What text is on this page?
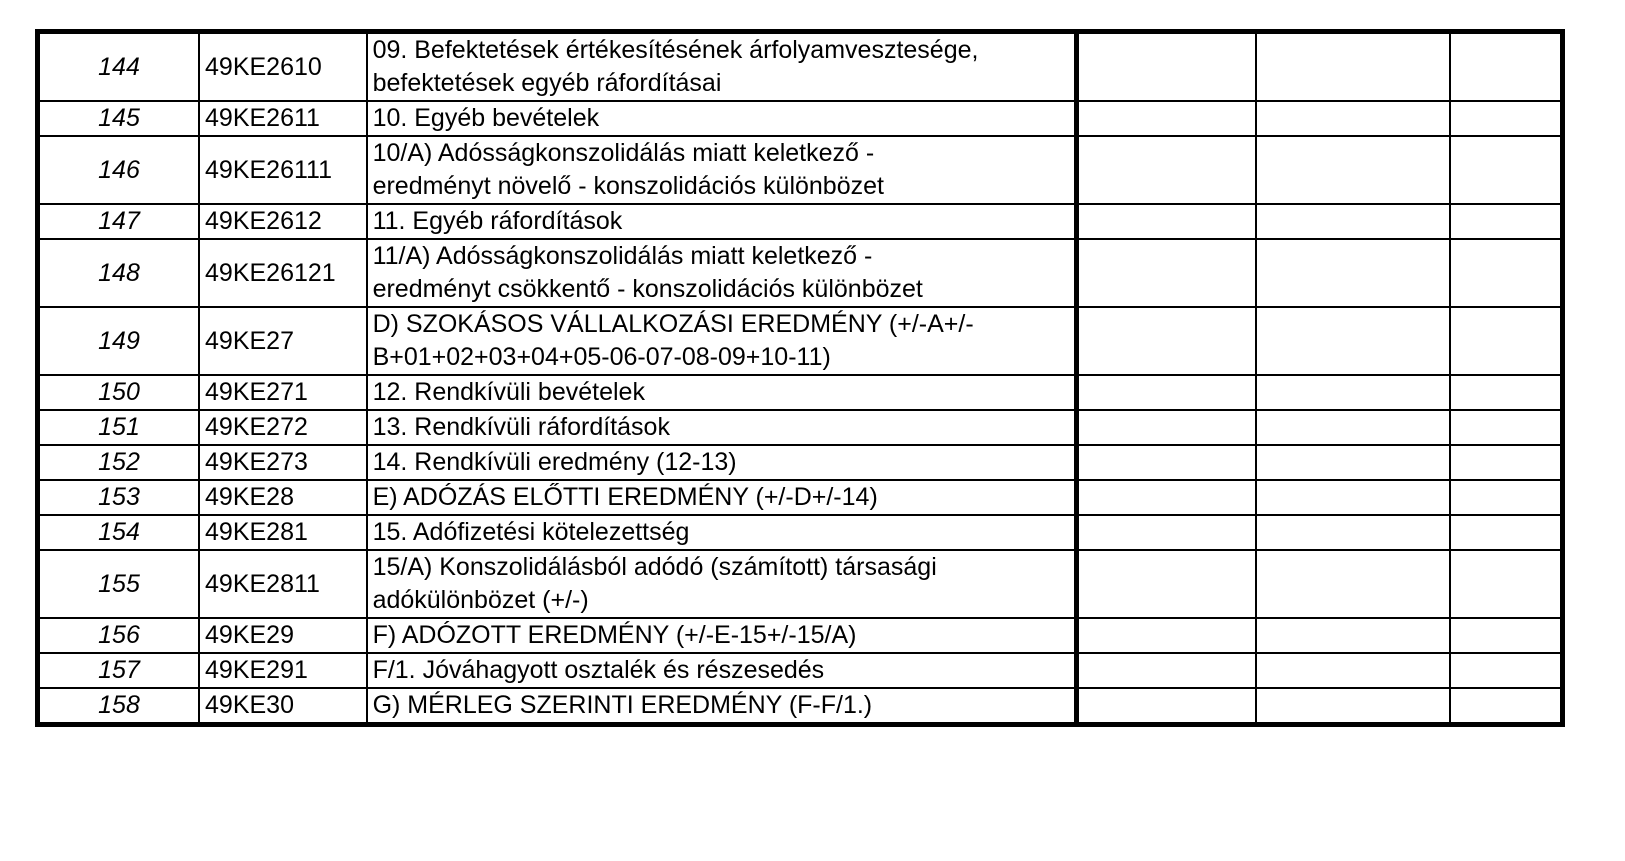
144	49KE2610	09. Befektetések értékesítésének árfolyamvesztesége,
befektetések egyéb ráfordításai			

145	49KE2611	10. Egyéb bevételek			

146	49KE26111	10/A) Adósságkonszolidálás miatt keletkező -
eredményt növelő - konszolidációs különbözet			

147	49KE2612	11. Egyéb ráfordítások			

148	49KE26121	11/A) Adósságkonszolidálás miatt keletkező -
eredményt csökkentő - konszolidációs különbözet			

149	49KE27	D) SZOKÁSOS VÁLLALKOZÁSI EREDMÉNY (+/-A+/-
B+01+02+03+04+05-06-07-08-09+10-11)			

150	49KE271	12. Rendkívüli bevételek			

151	49KE272	13. Rendkívüli ráfordítások			

152	49KE273	14. Rendkívüli eredmény (12-13)			

153	49KE28	E) ADÓZÁS ELŐTTI EREDMÉNY (+/-D+/-14)			

154	49KE281	15. Adófizetési kötelezettség			

155	49KE2811	15/A) Konszolidálásból adódó (számított) társasági
adókülönbözet (+/-)			

156	49KE29	F) ADÓZOTT EREDMÉNY (+/-E-15+/-15/A)			

157	49KE291	F/1. Jóváhagyott osztalék és részesedés			

158	49KE30	G) MÉRLEG SZERINTI EREDMÉNY (F-F/1.)			
